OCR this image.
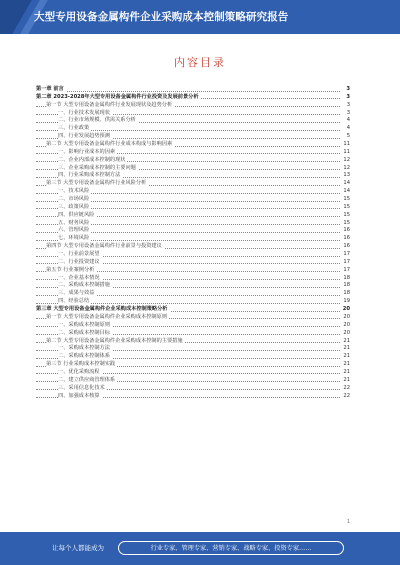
大型专用设备金属构件企业采购成本控制策略研究报告
内容目录
第一章 前言	3
第二章 2023-2028年大型专用设备金属构件行业投资及发展前景分析	3
第一节 大型专用设备金属构件行业发展现状及趋势分析	3
一、行业技术发展现状	3
二、行业市场规模、供需关系分析	4
三、行业政策	4
四、行业发展趋势预测	5
第二节 大型专用设备金属构件行业成本构成与影响因素	11
一、影响行业成本的因素	11
二、企业内部成本控制的现状	12
三、企业采购成本控制的主要问题	12
四、行业采购成本控制方法	13
第三节 大型专用设备金属构件行业风险分析	14
一、技术风险	14
二、市场风险	15
三、政策风险	15
四、供应链风险	15
五、财务风险	15
六、管理风险	16
七、环境风险	16
第四节 大型专用设备金属构件行业前景与投资建议	16
一、行业前景展望	17
二、行业投资建议	17
第五节 行业案例分析	17
一、企业基本情况	18
二、采购成本控制措施	18
三、成果与效益	18
四、经验总结	19
第三章 大型专用设备金属构件企业采购成本控制策略分析	20
第一节 大型专用设备金属构件企业采购成本控制原则	20
一、采购成本控制原则	20
二、采购成本控制目标	20
第二节 大型专用设备金属构件企业采购成本控制的主要措施	21
一、采购成本控制方法	21
二、采购成本控制体系	21
第三节 行业采购成本控制实践	21
一、优化采购流程	21
二、建立供应商管理体系	21
三、采用信息化技术	22
四、加强成本核算	22
1
让每个人都能成为	行业专家、管理专家、营销专家、战略专家、投资专家……
